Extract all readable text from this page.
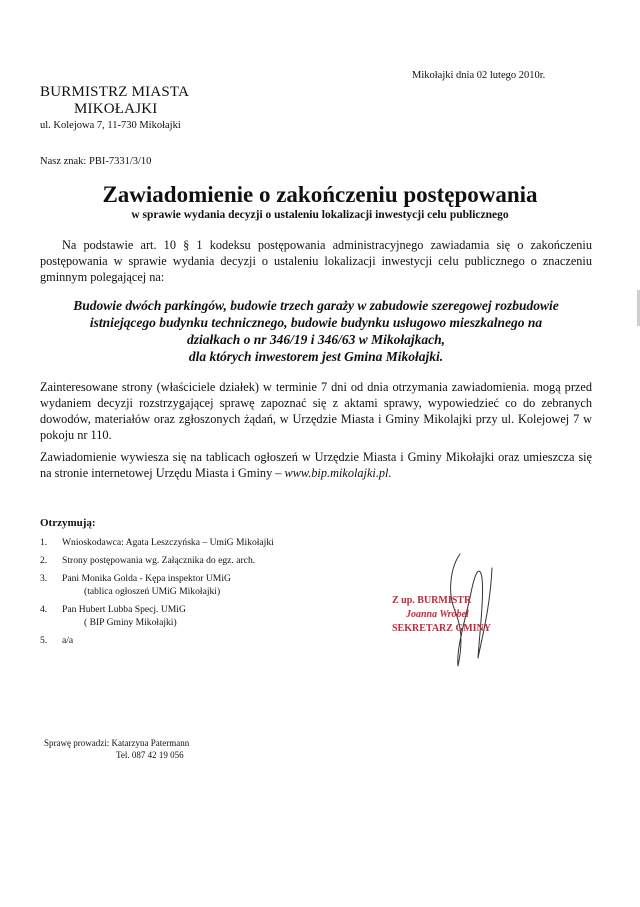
Mikołajki dnia 02 lutego 2010r.
BURMISTRZ MIASTA
MIKOŁAJKI
ul. Kolejowa 7, 11-730 Mikołajki
Nasz znak: PBI-7331/3/10
Zawiadomienie o zakończeniu postępowania
w sprawie wydania decyzji o ustaleniu lokalizacji inwestycji celu publicznego
Na podstawie art. 10 § 1 kodeksu postępowania administracyjnego zawiadamia się o zakończeniu postępowania w sprawie wydania decyzji o ustaleniu lokalizacji inwestycji celu publicznego o znaczeniu gminnym polegającej na:
Budowie dwóch parkingów, budowie trzech garaży w zabudowie szeregowej rozbudowie
istniejącego budynku technicznego, budowie budynku usługowo mieszkalnego na
działkach o nr 346/19 i 346/63 w Mikołajkach,
dla których inwestorem jest Gmina Mikołajki.
Zainteresowane strony (właściciele działek) w terminie 7 dni od dnia otrzymania zawiadomienia. mogą przed wydaniem decyzji rozstrzygającej sprawę zapoznać się z aktami sprawy, wypowiedzieć co do zebranych dowodów, materiałów oraz zgłoszonych żądań, w Urzędzie Miasta i Gminy Mikolajki przy ul. Kolejowej 7 w pokoju nr 110.
Zawiadomienie wywiesza się na tablicach ogłoszeń w Urzędzie Miasta i Gminy Mikołajki oraz umieszcza się na stronie internetowej Urzędu Miasta i Gminy – www.bip.mikolajki.pl.
Otrzymują:
1.	Wnioskodawca: Agata Leszczyńska – UmiG Mikołajki
2.	Strony postępowania wg. Załącznika do egz. arch.
3.	Pani Monika Golda - Kępa inspektor UMiG
(tablica ogłoszeń UMiG Mikołajki)
4.	Pan Hubert Lubba Specj. UMiG
( BIP Gminy Mikołajki)
5.	a/a
Z up. BURMISTR
Joanna Wróbel
SEKRETARZ GMINY
Sprawę prowadzi: Katarzyna Patermann
Tel. 087 42 19 056
